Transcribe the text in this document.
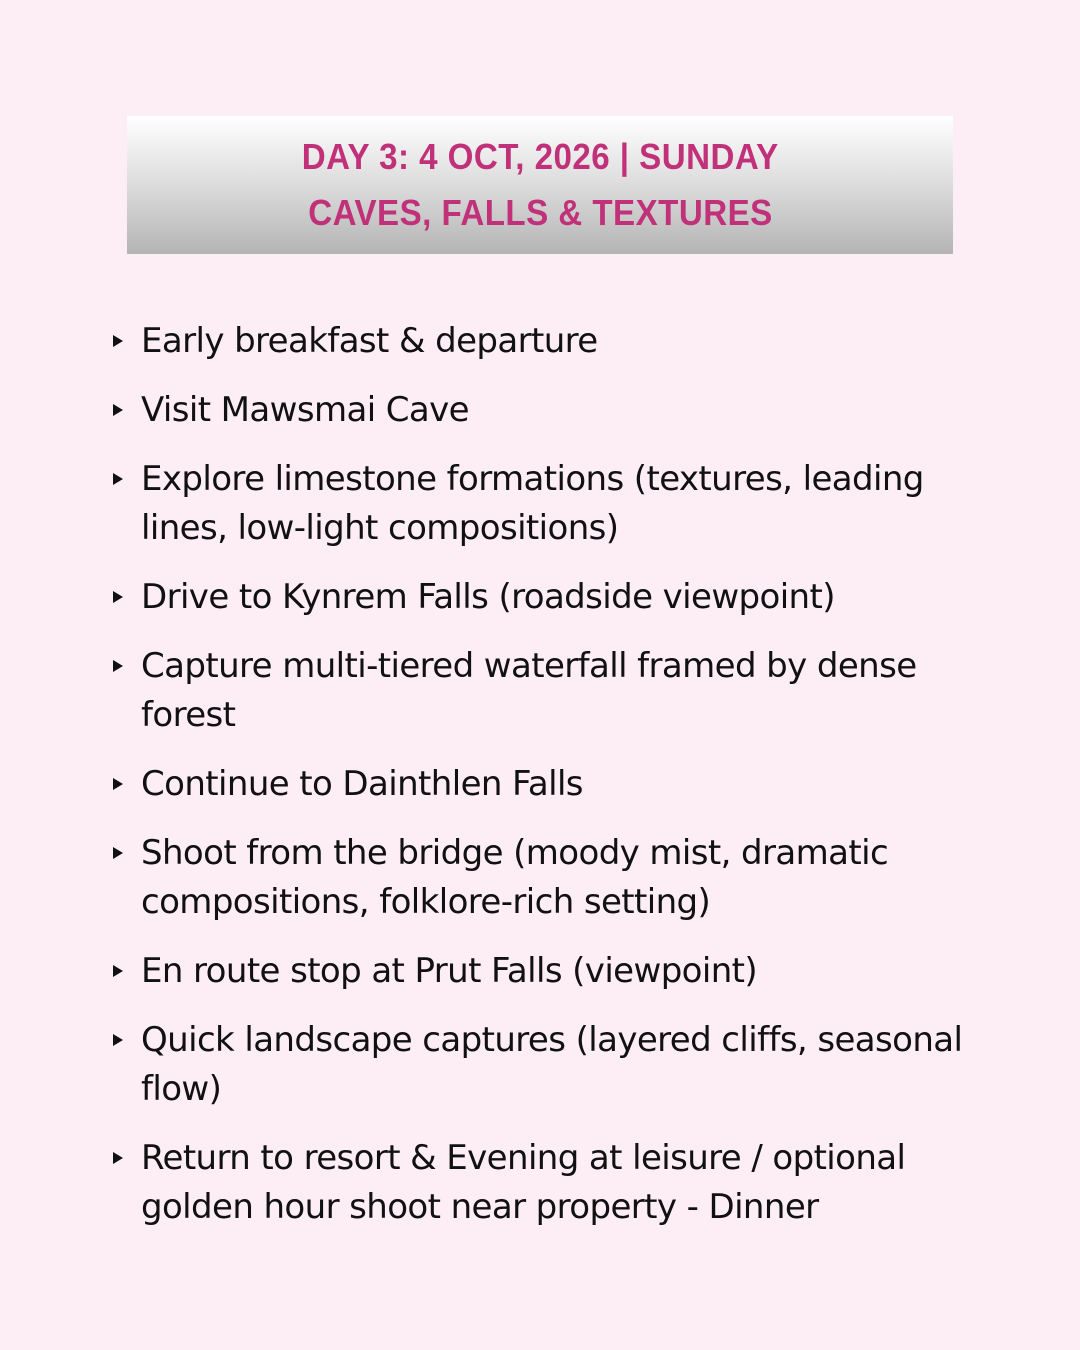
DAY 3: 4 OCT, 2026 | SUNDAY
CAVES, FALLS & TEXTURES
Early breakfast & departure
Visit Mawsmai Cave
Explore limestone formations (textures, leading lines, low-light compositions)
Drive to Kynrem Falls (roadside viewpoint)
Capture multi-tiered waterfall framed by dense forest
Continue to Dainthlen Falls
Shoot from the bridge (moody mist, dramatic compositions, folklore-rich setting)
En route stop at Prut Falls (viewpoint)
Quick landscape captures (layered cliffs, seasonal flow)
Return to resort & Evening at leisure / optional golden hour shoot near property - Dinner
